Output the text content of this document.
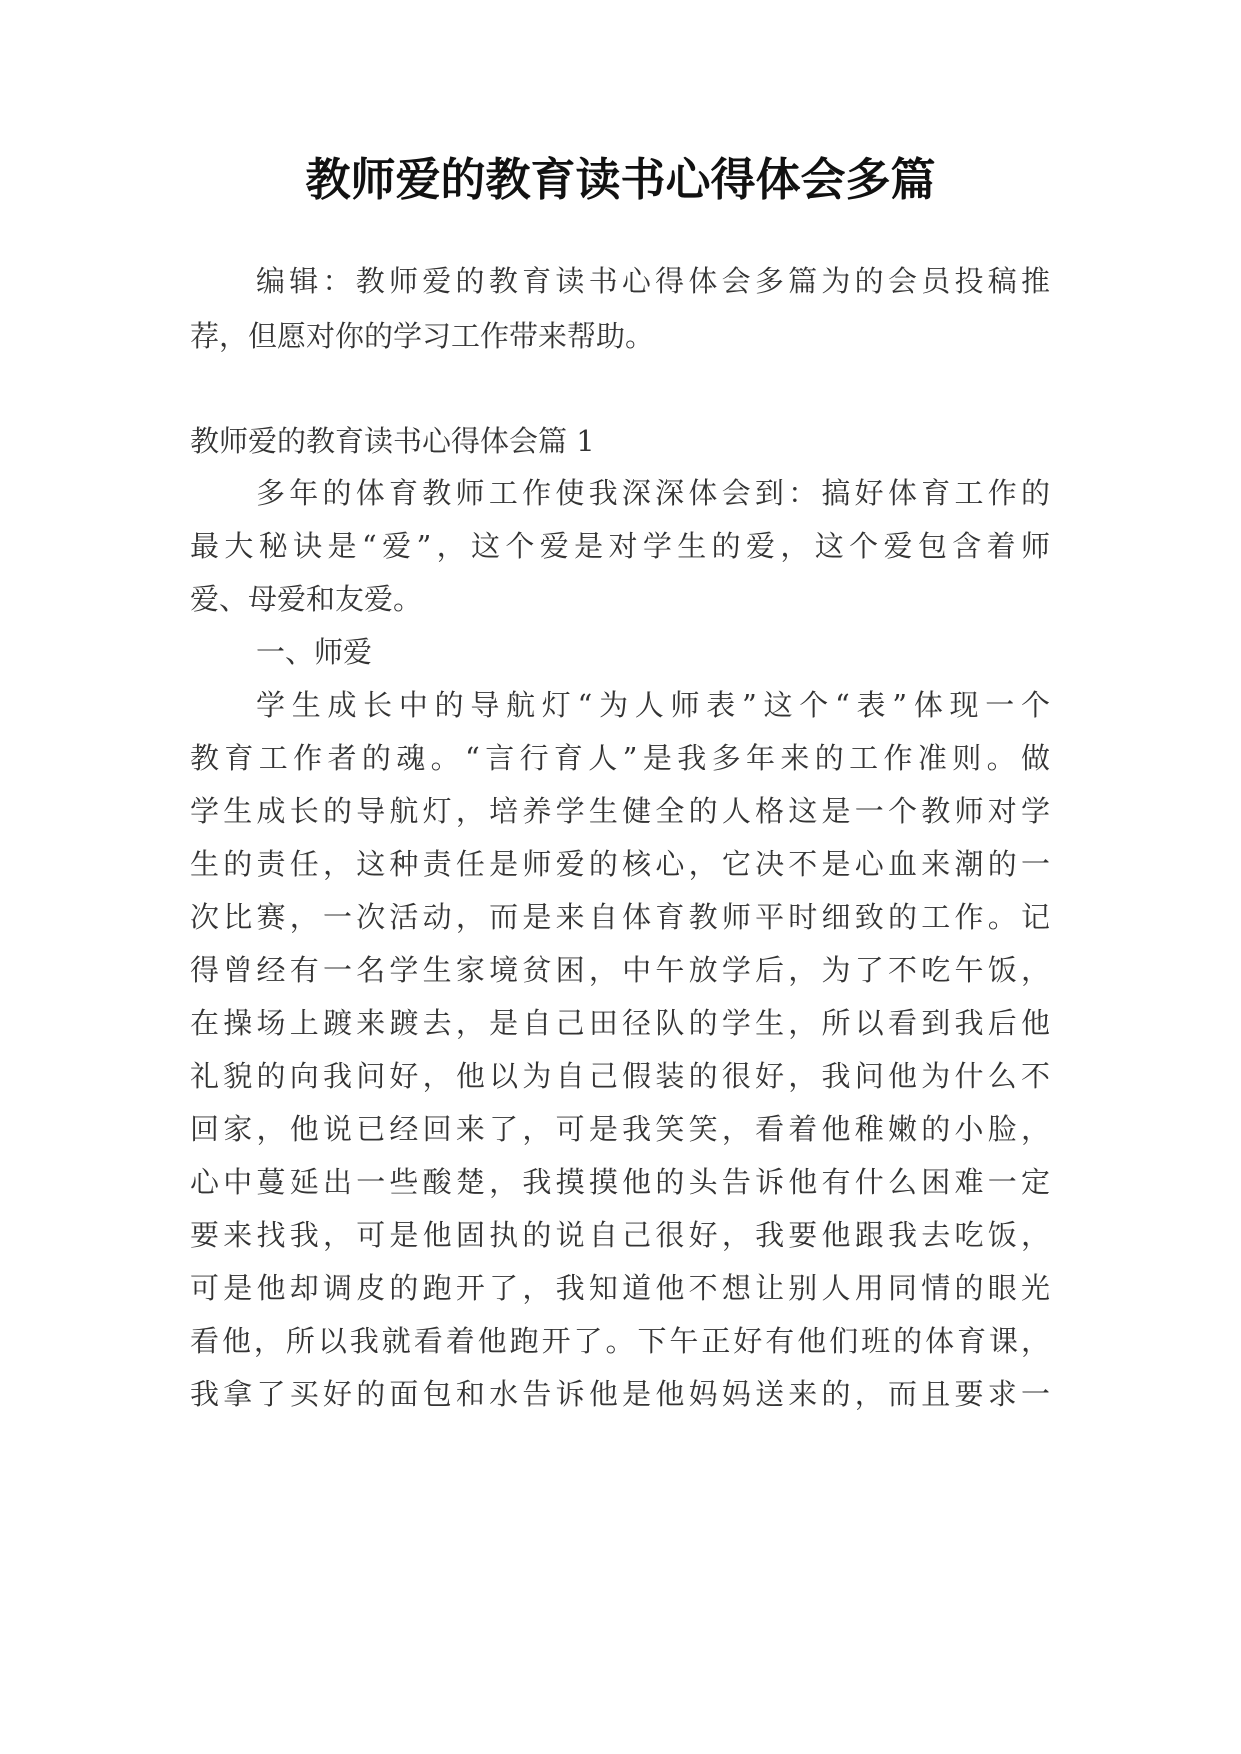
教师爱的教育读书心得体会多篇
编辑：教师爱的教育读书心得体会多篇为的会员投稿推
荐，但愿对你的学习工作带来帮助。
教师爱的教育读书心得体会篇 1
多年的体育教师工作使我深深体会到：搞好体育工作的
最大秘诀是“爱”，这个爱是对学生的爱，这个爱包含着师
爱、母爱和友爱。
一、师爱
学生成长中的导航灯“为人师表”这个“表”体现一个
教育工作者的魂。“言行育人”是我多年来的工作准则。做
学生成长的导航灯，培养学生健全的人格这是一个教师对学
生的责任，这种责任是师爱的核心，它决不是心血来潮的一
次比赛，一次活动，而是来自体育教师平时细致的工作。记
得曾经有一名学生家境贫困，中午放学后，为了不吃午饭，
在操场上踱来踱去，是自己田径队的学生，所以看到我后他
礼貌的向我问好，他以为自己假装的很好，我问他为什么不
回家，他说已经回来了，可是我笑笑，看着他稚嫩的小脸，
心中蔓延出一些酸楚，我摸摸他的头告诉他有什么困难一定
要来找我，可是他固执的说自己很好，我要他跟我去吃饭，
可是他却调皮的跑开了，我知道他不想让别人用同情的眼光
看他，所以我就看着他跑开了。下午正好有他们班的体育课，
我拿了买好的面包和水告诉他是他妈妈送来的，而且要求一
